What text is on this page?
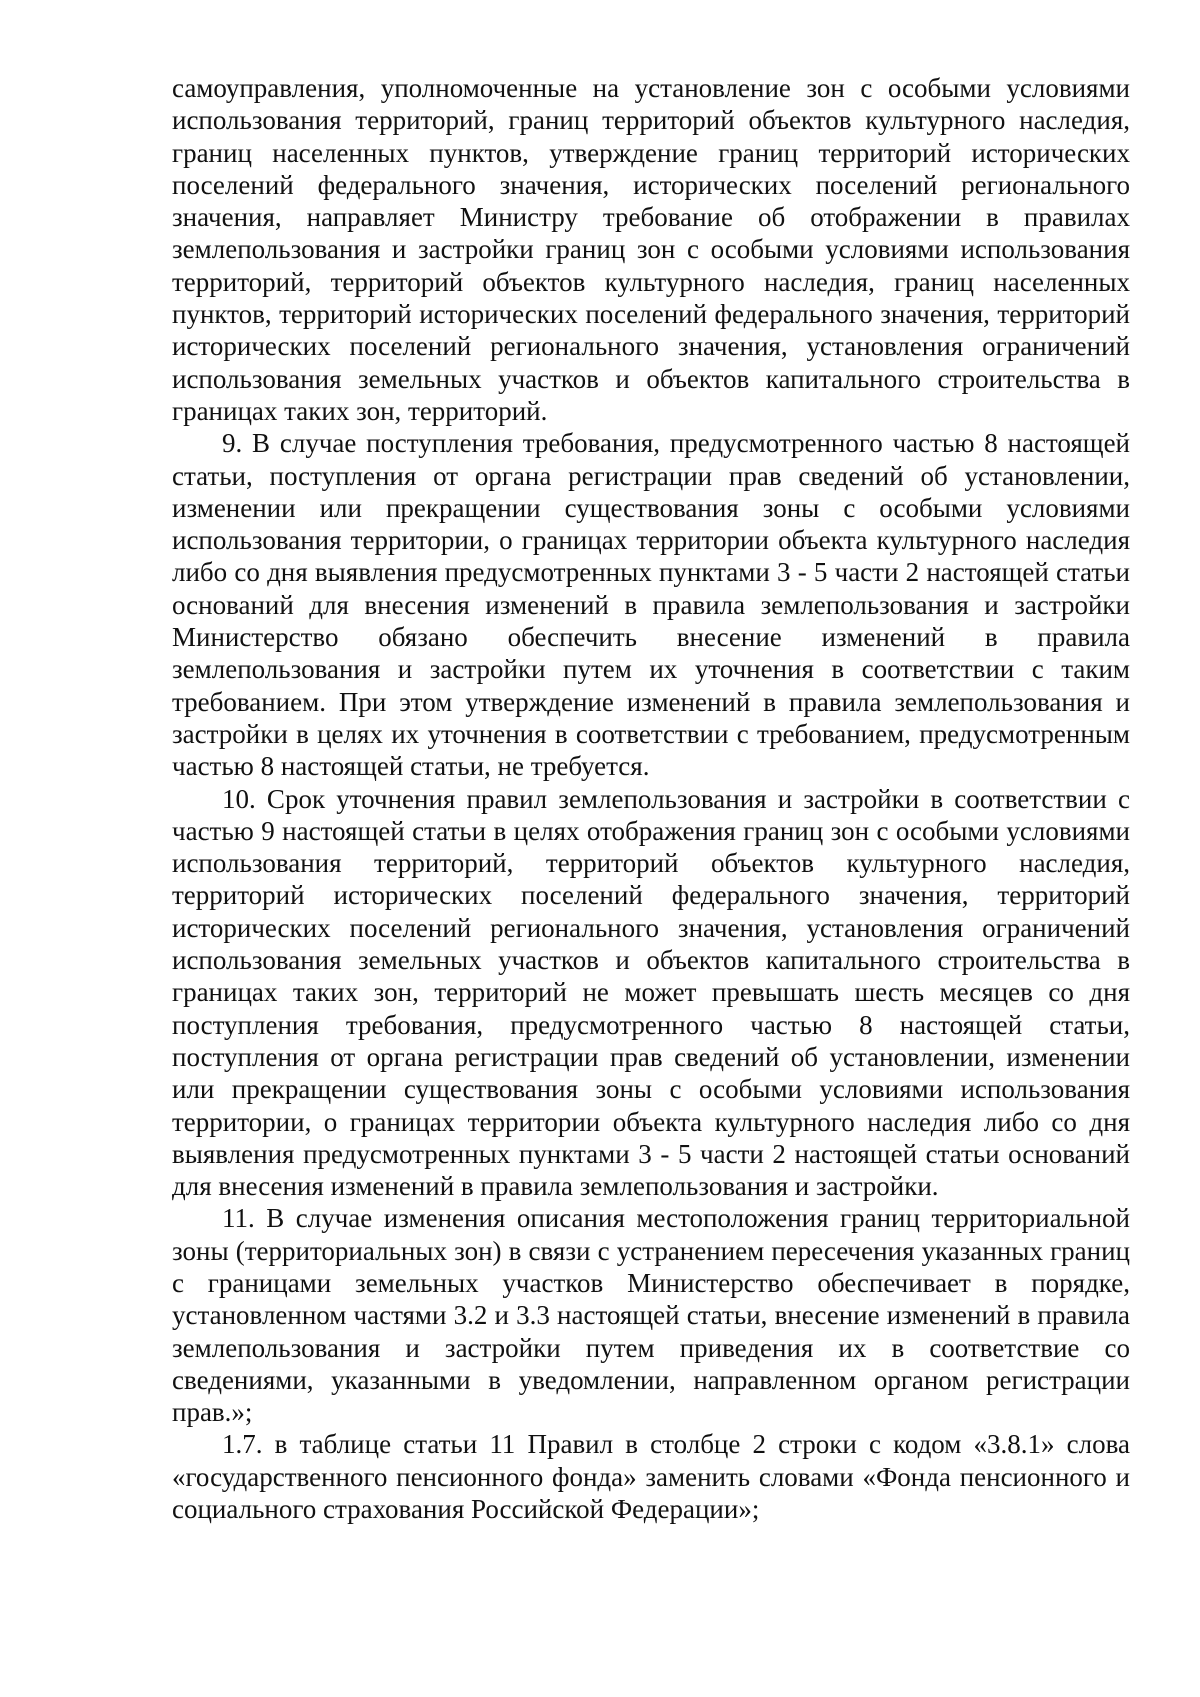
самоуправления, уполномоченные на установление зон с особыми условиями использования территорий, границ территорий объектов культурного наследия, границ населенных пунктов, утверждение границ территорий исторических поселений федерального значения, исторических поселений регионального значения, направляет Министру требование об отображении в правилах землепользования и застройки границ зон с особыми условиями использования территорий, территорий объектов культурного наследия, границ населенных пунктов, территорий исторических поселений федерального значения, территорий исторических поселений регионального значения, установления ограничений использования земельных участков и объектов капитального строительства в границах таких зон, территорий.

9. В случае поступления требования, предусмотренного частью 8 настоящей статьи, поступления от органа регистрации прав сведений об установлении, изменении или прекращении существования зоны с особыми условиями использования территории, о границах территории объекта культурного наследия либо со дня выявления предусмотренных пунктами 3 - 5 части 2 настоящей статьи оснований для внесения изменений в правила землепользования и застройки Министерство обязано обеспечить внесение изменений в правила землепользования и застройки путем их уточнения в соответствии с таким требованием. При этом утверждение изменений в правила землепользования и застройки в целях их уточнения в соответствии с требованием, предусмотренным частью 8 настоящей статьи, не требуется.

10. Срок уточнения правил землепользования и застройки в соответствии с частью 9 настоящей статьи в целях отображения границ зон с особыми условиями использования территорий, территорий объектов культурного наследия, территорий исторических поселений федерального значения, территорий исторических поселений регионального значения, установления ограничений использования земельных участков и объектов капитального строительства в границах таких зон, территорий не может превышать шесть месяцев со дня поступления требования, предусмотренного частью 8 настоящей статьи, поступления от органа регистрации прав сведений об установлении, изменении или прекращении существования зоны с особыми условиями использования территории, о границах территории объекта культурного наследия либо со дня выявления предусмотренных пунктами 3 - 5 части 2 настоящей статьи оснований для внесения изменений в правила землепользования и застройки.

11. В случае изменения описания местоположения границ территориальной зоны (территориальных зон) в связи с устранением пересечения указанных границ с границами земельных участков Министерство обеспечивает в порядке, установленном частями 3.2 и 3.3 настоящей статьи, внесение изменений в правила землепользования и застройки путем приведения их в соответствие со сведениями, указанными в уведомлении, направленном органом регистрации прав.»;

1.7. в таблице статьи 11 Правил в столбце 2 строки с кодом «3.8.1» слова «государственного пенсионного фонда» заменить словами «Фонда пенсионного и социального страхования Российской Федерации»;
